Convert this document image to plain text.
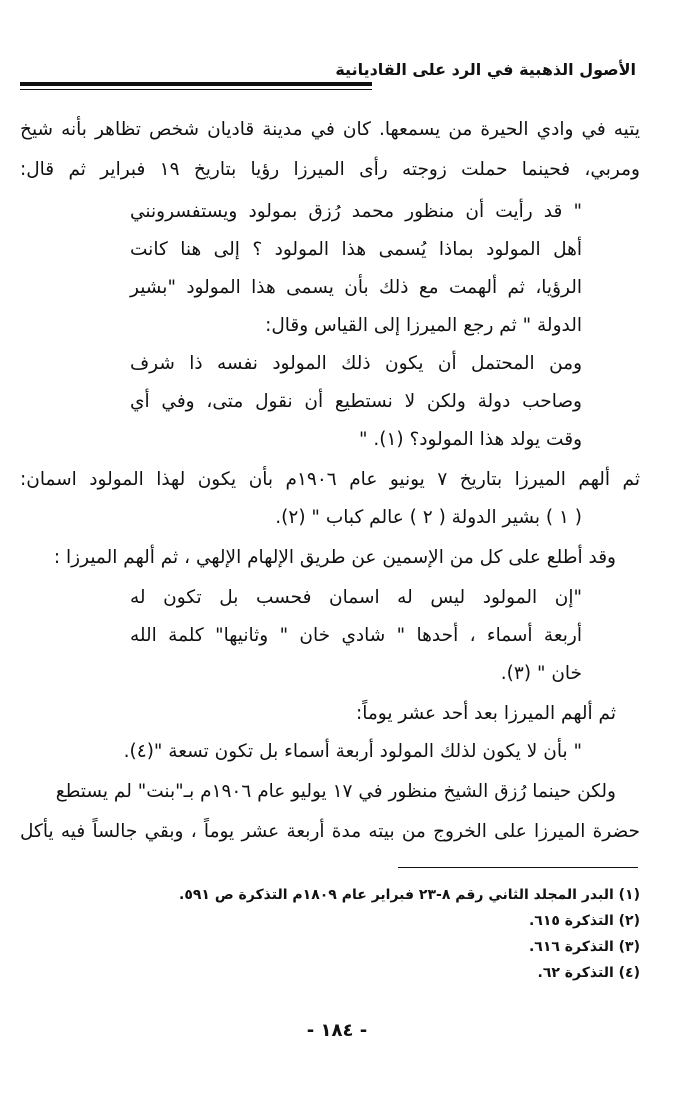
الأصول الذهبية في الرد على القاديانية
يتيه في وادي الحيرة من يسمعها. كان في مدينة قاديان شخص تظاهر بأنه شيخ
ومربي، فحينما حملت زوجته رأى الميرزا رؤيا بتاريخ ١٩ فبراير ثم قال:
" قد رأيت أن منظور محمد رُزق بمولود ويستفسرونني
أهل المولود بماذا يُسمى هذا المولود ؟ إلى هنا كانت
الرؤيا، ثم ألهمت مع ذلك بأن يسمى هذا المولود "بشير
الدولة " ثم رجع الميرزا إلى القياس وقال:
ومن المحتمل أن يكون ذلك المولود نفسه ذا شرف
وصاحب دولة ولكن لا نستطيع أن نقول متى، وفي أي
وقت يولد هذا المولود؟ (١). "
ثم ألهم الميرزا بتاريخ ٧ يونيو عام ١٩٠٦م بأن يكون لهذا المولود اسمان:
( ١ ) بشير الدولة ( ٢ ) عالم كباب " (٢).
وقد أطلع على كل من الإسمين عن طريق الإلهام الإلهي ، ثم ألهم الميرزا :
"إن المولود ليس له اسمان فحسب بل تكون له
أربعة أسماء ، أحدها " شادي خان " وثانيها" كلمة الله
خان " (٣).
ثم ألهم الميرزا بعد أحد عشر يوماً:
" بأن لا يكون لذلك المولود أربعة أسماء بل تكون تسعة "(٤).
ولكن حينما رُزق الشيخ منظور في ١٧ يوليو عام ١٩٠٦م بـ"بنت" لم يستطع
حضرة الميرزا على الخروج من بيته مدة أربعة عشر يوماً ، وبقي جالساً فيه يأكل
(١) البدر المجلد الثاني رقم ٨-٢٣ فبراير عام ١٨٠٩م التذكرة ص ٥٩١.
(٢) التذكرة ٦١٥.
(٣) التذكرة ٦١٦.
(٤) التذكرة ٦٢.
- ١٨٤ -
